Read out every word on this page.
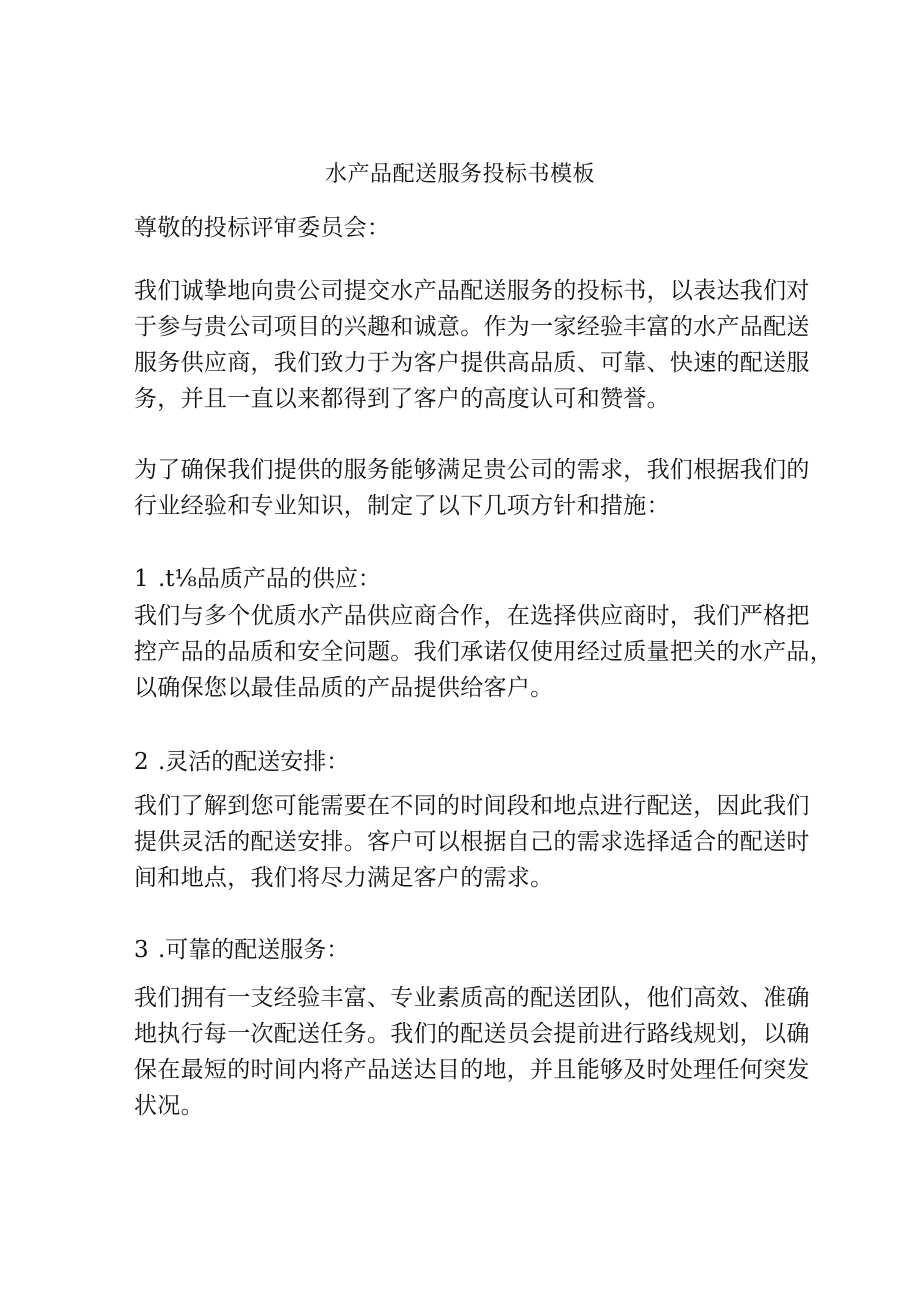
水产品配送服务投标书模板
尊敬的投标评审委员会：
我们诚挚地向贵公司提交水产品配送服务的投标书，以表达我们对
于参与贵公司项目的兴趣和诚意。作为一家经验丰富的水产品配送
服务供应商，我们致力于为客户提供高品质、可靠、快速的配送服
务，并且一直以来都得到了客户的高度认可和赞誉。
为了确保我们提供的服务能够满足贵公司的需求，我们根据我们的
行业经验和专业知识，制定了以下几项方针和措施：
1 .t⅛品质产品的供应：
我们与多个优质水产品供应商合作，在选择供应商时，我们严格把
控产品的品质和安全问题。我们承诺仅使用经过质量把关的水产品，
以确保您以最佳品质的产品提供给客户。
2 .灵活的配送安排：
我们了解到您可能需要在不同的时间段和地点进行配送，因此我们
提供灵活的配送安排。客户可以根据自己的需求选择适合的配送时
间和地点，我们将尽力满足客户的需求。
3 .可靠的配送服务：
我们拥有一支经验丰富、专业素质高的配送团队，他们高效、准确
地执行每一次配送任务。我们的配送员会提前进行路线规划，以确
保在最短的时间内将产品送达目的地，并且能够及时处理任何突发
状况。
